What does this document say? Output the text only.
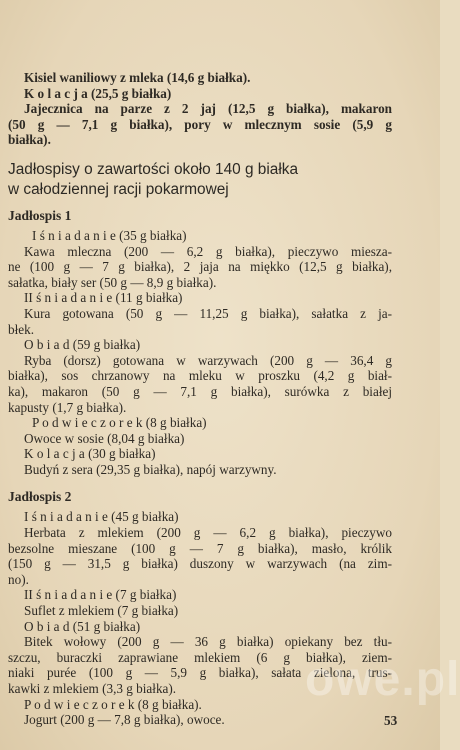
Kisiel waniliowy z mleka (14,6 g białka).
K o l a c j a (25,5 g białka)
Jajecznica na parze z 2 jaj (12,5 g białka), makaron
(50 g — 7,1 g białka), pory w mlecznym sosie (5,9 g
białka).
Jadłospisy o zawartości około 140 g białka
w całodziennej racji pokarmowej
Jadłospis 1
I ś n i a d a n i e (35 g białka)
Kawa mleczna (200 — 6,2 g białka), pieczywo miesza-
ne (100 g — 7 g białka), 2 jaja na miękko (12,5 g białka),
sałatka, biały ser (50 g — 8,9 g białka).
II ś n i a d a n i e (11 g białka)
Kura gotowana (50 g — 11,25 g białka), sałatka z ja-
błek.
O b i a d (59 g białka)
Ryba (dorsz) gotowana w warzywach (200 g — 36,4 g
białka), sos chrzanowy na mleku w proszku (4,2 g biał-
ka), makaron (50 g — 7,1 g białka), surówka z białej
kapusty (1,7 g białka).
P o d w i e c z o r e k (8 g białka)
Owoce w sosie (8,04 g białka)
K o l a c j a (30 g białka)
Budyń z sera (29,35 g białka), napój warzywny.
Jadłospis 2
I ś n i a d a n i e (45 g białka)
Herbata z mlekiem (200 g — 6,2 g białka), pieczywo
bezsolne mieszane (100 g — 7 g białka), masło, królik
(150 g — 31,5 g białka) duszony w warzywach (na zim-
no).
II ś n i a d a n i e (7 g białka)
Suflet z mlekiem (7 g białka)
O b i a d (51 g białka)
Bitek wołowy (200 g — 36 g białka) opiekany bez tłu-
szczu, buraczki zaprawiane mlekiem (6 g białka), ziem-
niaki purée (100 g — 5,9 g białka), sałata zielona, trus-
kawki z mlekiem (3,3 g białka).
P o d w i e c z o r e k (8 g białka).
Jogurt (200 g — 7,8 g białka), owoce.
owe.pl
53
